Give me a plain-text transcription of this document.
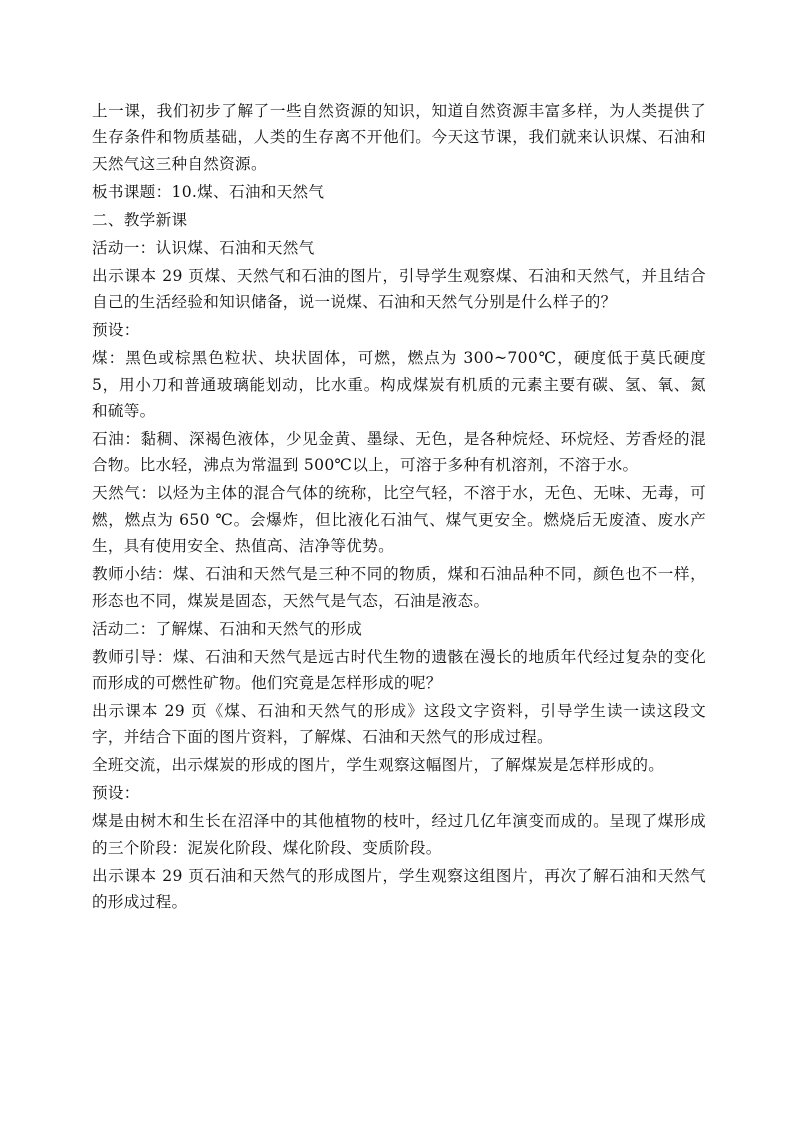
上一课，我们初步了解了一些自然资源的知识，知道自然资源丰富多样，为人类提供了生存条件和物质基础，人类的生存离不开他们。今天这节课，我们就来认识煤、石油和天然气这三种自然资源。

板书课题：10.煤、石油和天然气

二、教学新课

活动一：认识煤、石油和天然气

出示课本 29 页煤、天然气和石油的图片，引导学生观察煤、石油和天然气，并且结合自己的生活经验和知识储备，说一说煤、石油和天然气分别是什么样子的？

预设：

煤：黑色或棕黑色粒状、块状固体，可燃，燃点为 300~700℃，硬度低于莫氏硬度 5，用小刀和普通玻璃能划动，比水重。构成煤炭有机质的元素主要有碳、氢、氧、氮和硫等。

石油：黏稠、深褐色液体，少见金黄、墨绿、无色，是各种烷烃、环烷烃、芳香烃的混合物。比水轻，沸点为常温到 500℃以上，可溶于多种有机溶剂，不溶于水。

天然气：以烃为主体的混合气体的统称，比空气轻，不溶于水，无色、无味、无毒，可燃，燃点为 650 ℃。会爆炸，但比液化石油气、煤气更安全。燃烧后无废渣、废水产生，具有使用安全、热值高、洁净等优势。

教师小结：煤、石油和天然气是三种不同的物质，煤和石油品种不同，颜色也不一样，形态也不同，煤炭是固态，天然气是气态，石油是液态。

活动二：了解煤、石油和天然气的形成

教师引导：煤、石油和天然气是远古时代生物的遗骸在漫长的地质年代经过复杂的变化而形成的可燃性矿物。他们究竟是怎样形成的呢？

出示课本 29 页《煤、石油和天然气的形成》这段文字资料，引导学生读一读这段文字，并结合下面的图片资料，了解煤、石油和天然气的形成过程。

全班交流，出示煤炭的形成的图片，学生观察这幅图片，了解煤炭是怎样形成的。

预设：

煤是由树木和生长在沼泽中的其他植物的枝叶，经过几亿年演变而成的。呈现了煤形成的三个阶段：泥炭化阶段、煤化阶段、变质阶段。

出示课本 29 页石油和天然气的形成图片，学生观察这组图片，再次了解石油和天然气的形成过程。
